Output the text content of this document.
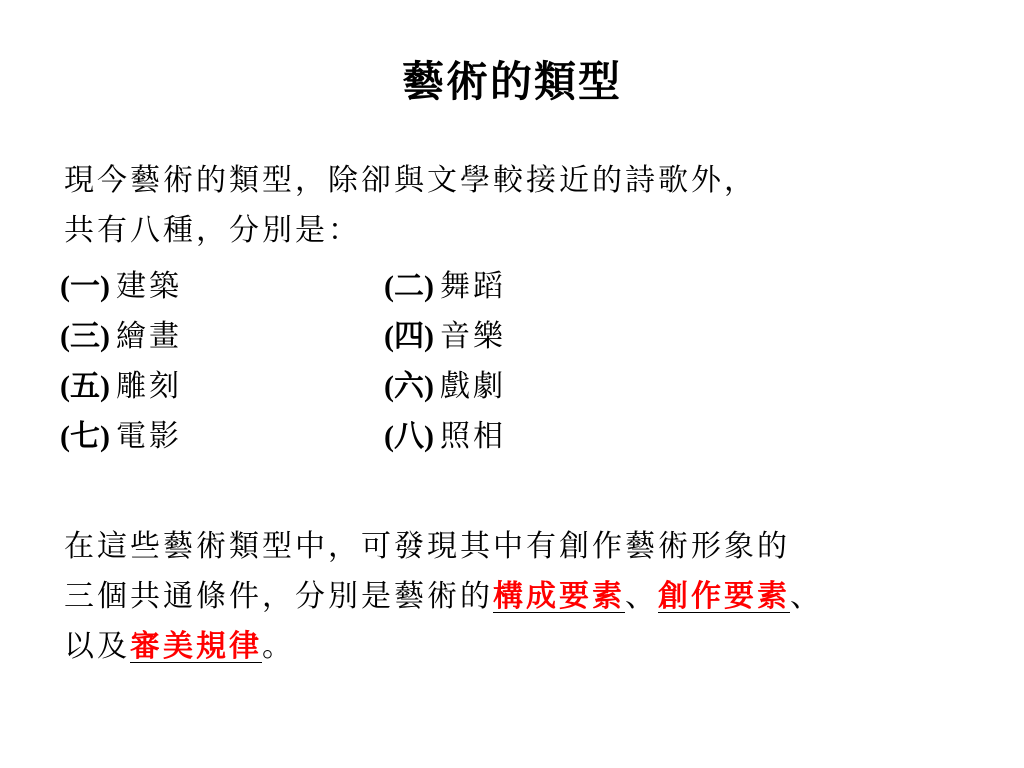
藝術的類型
現今藝術的類型，除卻與文學較接近的詩歌外，
共有八種，分別是：
(一) 建築	(二) 舞蹈
(三) 繪畫	(四) 音樂
(五) 雕刻	(六) 戲劇
(七) 電影	(八) 照相
在這些藝術類型中，可發現其中有創作藝術形象的
三個共通條件，分別是藝術的構成要素、創作要素、
以及審美規律。
